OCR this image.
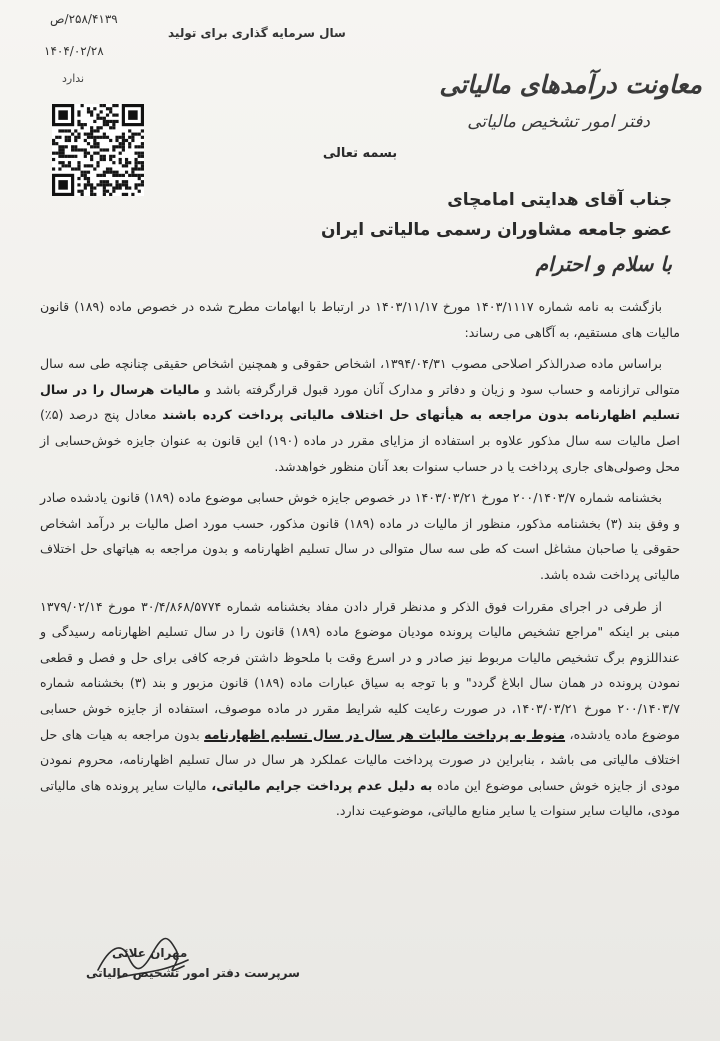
سال سرمایه گذاری برای تولید
۲۵۸/۴۱۳۹/ص
۱۴۰۴/۰۲/۲۸
ندارد	معاونت درآمدهای مالیاتی
دفتر امور تشخیص مالیاتی
بسمه تعالی
جناب آقای هدایتی امامچای
عضو جامعه مشاوران رسمی مالیاتی ایران
با سلام و احترام

بازگشت به نامه شماره ۱۴۰۳/۱۱۱۷ مورخ ۱۴۰۳/۱۱/۱۷ در ارتباط با ابهامات مطرح شده در خصوص ماده (۱۸۹) قانون مالیات های مستقیم، به آگاهی می رساند:

براساس ماده صدرالذکر اصلاحی مصوب ۱۳۹۴/۰۴/۳۱، اشخاص حقوقی و همچنین اشخاص حقیقی چنانچه طی سه سال متوالی ترازنامه و حساب سود و زیان و دفاتر و مدارک آنان مورد قبول قرارگرفته باشد و مالیات هرسال را در سال تسلیم اظهارنامه بدون مراجعه به هیأتهای حل اختلاف مالیاتی پرداخت کرده باشند معادل پنج درصد (۵٪) اصل مالیات سه سال مذکور علاوه بر استفاده از مزایای مقرر در ماده (۱۹۰) این قانون به عنوان جایزه خوش‌حسابی از محل وصولی‌های جاری پرداخت یا در حساب سنوات بعد آنان منظور خواهدشد.

بخشنامه شماره ۲۰۰/۱۴۰۳/۷ مورخ ۱۴۰۳/۰۳/۲۱ در خصوص جایزه خوش حسابی موضوع ماده (۱۸۹) قانون یادشده صادر و وفق بند (۳) بخشنامه مذکور، منظور از مالیات در ماده (۱۸۹) قانون مذکور، حسب مورد اصل مالیات بر درآمد اشخاص حقوقی یا صاحبان مشاغل است که طی سه سال متوالی در سال تسلیم اظهارنامه و بدون مراجعه به هیاتهای حل اختلاف مالیاتی پرداخت شده باشد.

از طرفی در اجرای مقررات فوق الذکر و مدنظر قرار دادن مفاد بخشنامه شماره ۳۰/۴/۸۶۸/۵۷۷۴ مورخ ۱۳۷۹/۰۲/۱۴ مبنی بر اینکه "مراجع تشخیص مالیات پرونده مودیان موضوع ماده (۱۸۹) قانون را در سال تسلیم اظهارنامه رسیدگی و عنداللزوم برگ تشخیص مالیات مربوط نیز صادر و در اسرع وقت با ملحوظ داشتن فرجه کافی برای حل و فصل و قطعی نمودن پرونده در همان سال ابلاغ گردد" و با توجه به سیاق عبارات ماده (۱۸۹) قانون مزبور و بند (۳) بخشنامه شماره ۲۰۰/۱۴۰۳/۷ مورخ ۱۴۰۳/۰۳/۲۱، در صورت رعایت کلیه شرایط مقرر در ماده موصوف، استفاده از جایزه خوش حسابی موضوع ماده یادشده، منوط به پرداخت مالیات هر سال در سال تسلیم اظهارنامه بدون مراجعه به هیات های حل اختلاف مالیاتی می باشد ، بنابراین در صورت پرداخت مالیات عملکرد هر سال در سال تسلیم اظهارنامه، محروم نمودن مودی از جایزه خوش حسابی موضوع این ماده به دلیل عدم پرداخت جرایم مالیاتی، مالیات سایر پرونده های مالیاتی مودی، مالیات سایر سنوات یا سایر منابع مالیاتی، موضوعیت ندارد.

مهران علائی
سرپرست دفتر امور تشخیص مالیاتی
